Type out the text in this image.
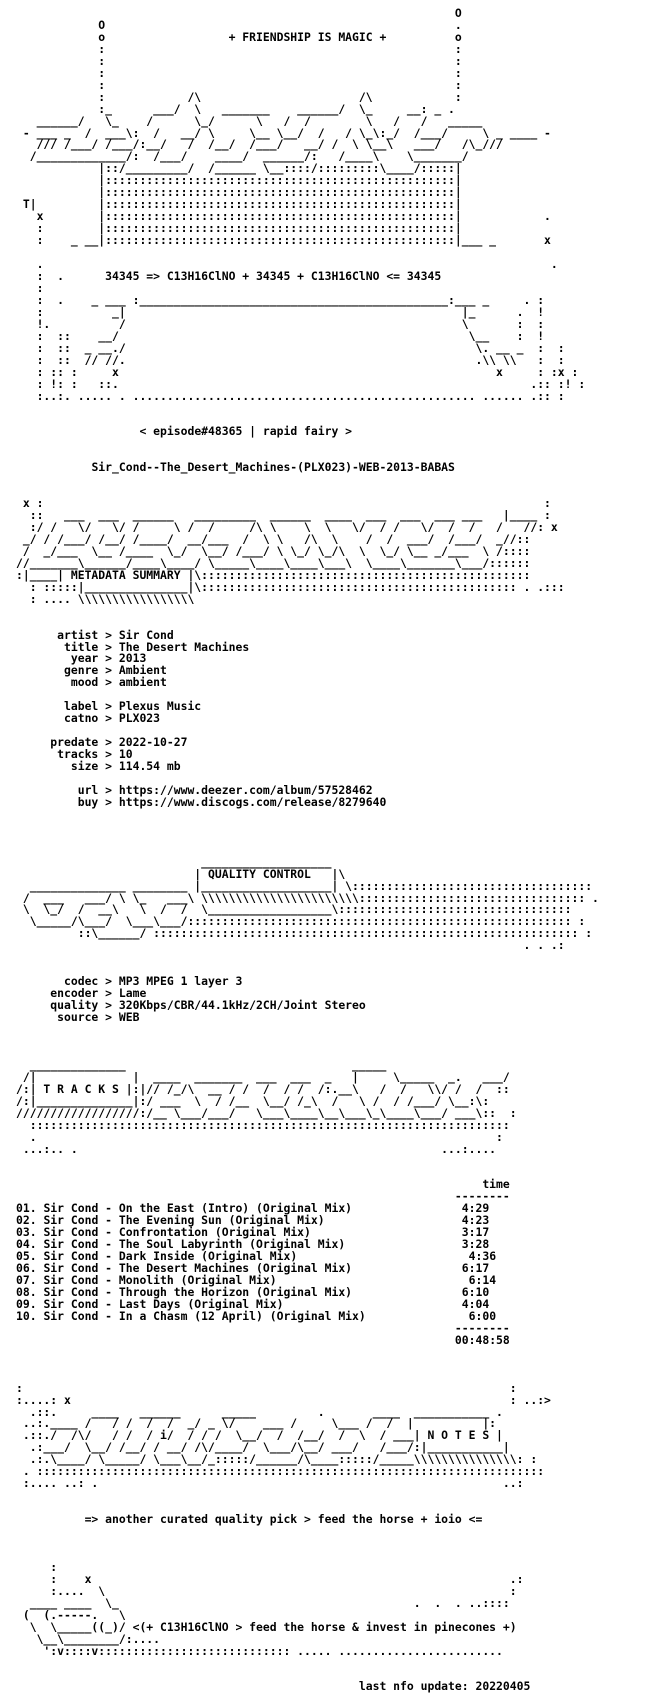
O
O                                                   .
o                  + FRIENDSHIP IS MAGIC +          o
:                                                   :
:                                                   :
:                                                   :
:                                                   :
:            /\                       /\            :
:_      ___/  \   _______    ______/  \_     __: _ .
______/   \_    /      \_/      \   /  /        \   /   /   _____
- ___ _  /  ___\:  /   __/ \     \__ \__/  /   / \_\:_/  /___/     \ _ ____ -
/// /___/ /___/:__/   /  /__/  /___/   __/ /  \ \__\   ___/   /\_///
/_____________/:  /___/    ____/  ______/:   /____\    \_______/
|::/_________/  /______ \__::::/:::::::::\____/:::::|
|:::::::::::::::::::::::::::::::::::::::::::::::::::|
|:::::::::::::::::::::::::::::::::::::::::::::::::::|
T|         |:::::::::::::::::::::::::::::::::::::::::::::::::::|
x        |:::::::::::::::::::::::::::::::::::::::::::::::::::|            .
:        |:::::::::::::::::::::::::::::::::::::::::::::::::::|
:    _ __|:::::::::::::::::::::::::::::::::::::::::::::::::::|___ _       x

.                                                                          .
:  .      34345 => C13H16ClNO + 34345 + C13H16ClNO <= 34345
:
:  .    _ ___ :_____________________________________________:___ _     . :
:          _|                                                 |_      .  !
!.          /                                                 \       :  :
:  ::    __/                                                   \__    :  !
:  ::  _ __./                                                   \. __ _  :  :
:  ::  // //.                                                   .\\ \\   :  :
: :: :     x                                                       x     : :x :
: !: :   ::.                                                            .:: :! :
:..:. ..... . .................................................. ...... .:: :

< episode#48365 | rapid fairy >

Sir_Cond--The_Desert_Machines-(PLX023)-WEB-2013-BABAS

x :                                                                         :
::   ___  ___  ______   _________  ______  ____  ___  ___  ___ ___   |____ :
:/ /   \/   \/ /     \ /  /     /\ \    \  \   \/  / /   \/  /  /   /   //: x
_/ / /___/ /__/ /____/  __/___  /  \ \   /\  \    /  /  ___/  /___/  _//::
/  _/___  \__ /____  \_/  \__/ /___/ \ \_/ \_/\  \  \_/ \__ _/___  \ /::::
//_______\______/____\____/ \_____\____\____\___\  \____\_______\___/::::::
:|____| METADATA SUMMARY |\::::::::::::::::::::::::::::::::::::::::::::::::
: :::::|_______________|\:::::::::::::::::::::::::::::::::::::::::::::: . .:::
: .... \\\\\\\\\\\\\\\\\

artist > Sir Cond
title > The Desert Machines
year > 2013
genre > Ambient
mood > ambient

label > Plexus Music
catno > PLX023

predate > 2022-10-27
tracks > 10
size > 114.54 mb

url > https://www.deezer.com/album/57528462
buy > https://www.discogs.com/release/8279640

___________________
| QUALITY CONTROL   |\
______________ ________ |___________________| \:::::::::::::::::::::::::::::::::::
/  ___   ___/ \ \_   ___\ \\\\\\\\\\\\\\\\\\\\\\\::::::::::::::::::::::::::::::::: .
\  \_/  /  __\   \  /  /  \__________________\::::::::::::::::::::::::::::::::::
\_____/\___/  \___\___/:::::::::::::::::::::::::::::::::::::::::::::::::::::::: :
::\______/ :::::::::::::::::::::::::::::::::::::::::::::::::::::::::::::: :
. . .:

codec > MP3 MPEG 1 layer 3
encoder > Lame
quality > 320Kbps/CBR/44.1kHz/2CH/Joint Stereo
source > WEB

______________                                 _____
/|              |  ____  _______  ___  ___  _   |     \_____  _.   ___/
/:| T R A C K S |:|// /_/\  __ / /  /  / /  /:.__\   /  /   \\/ /  /  ::
/:|______________|:/ ___  \  / /__  \__/ /_\  /   \ /  / /___/ \__:\:
//////////////////:/__ \___/___/   \___\____\__\___\_\____\___/ ___\::  :
::::::::::::::::::::::::::::::::::::::::::::::::::::::::::::::::::::::
.                                                                   :
...:.. .                                                     ...:....

time
--------
01. Sir Cond - On the East (Intro) (Original Mix)	4:29
02. Sir Cond - The Evening Sun (Original Mix)	4:23
03. Sir Cond - Confrontation (Original Mix)	3:17
04. Sir Cond - The Soul Labyrinth (Original Mix)	3:28
05. Sir Cond - Dark Inside (Original Mix)	4:36
06. Sir Cond - The Desert Machines (Original Mix)	6:17
07. Sir Cond - Monolith (Original Mix)	6:14
08. Sir Cond - Through the Horizon (Original Mix)	6:10
09. Sir Cond - Last Days (Original Mix)	4:04
10. Sir Cond - In a Chasm (12 April) (Original Mix)	6:00
--------
00:48:58

:                                                                       :
:....: x                                                                : ..:>
.::.     ____   ______      _____         .       ____  ___________ .
..:.____ /   / /  /  /  _/ _ \/    ___ /     \___ /  /  |          |:
.::./  /\/   / /  / i/  / / /  \__/  /  /__/  /  \  / ___| N O T E S |
.:___/  \__/ /__/ / __/ /\/____/  \___/\__/ ___/   /___/:|___________|
.:.\____/ \_____/ \___\__/_:::::/______/\____:::::/_____\\\\\\\\\\\\\\\: :
. ::::::::::::::::::::::::::::::::::::::::::::::::::::::::::::::::::::::::::
:.... ..: .                                                           ..:

=> another curated quality pick > feed the horse + ioio <=

:
:    x                                                             .:
:....  \                                                           :
____ ____  \_                                           .  .  . ..::::
(  (.-----.   \
\  \_____((_)/ <(+ C13H16ClNO > feed the horse & invest in pinecones +)
\__\________/:....
':v::::v:::::::::::::::::::::::::::: ..... ........................

last nfo update: 20220405
